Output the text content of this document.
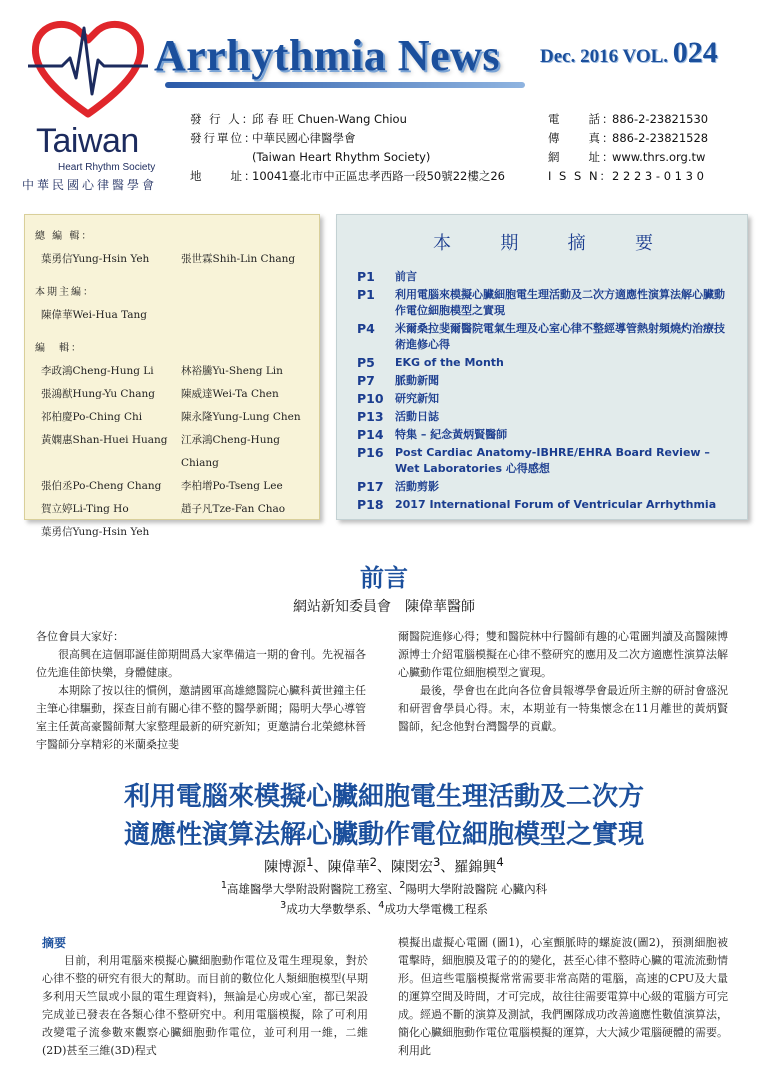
Taiwan
Heart Rhythm Society
中華民國心律醫學會
Arrhythmia News Dec. 2016 VOL. 024
發 行 人：
邱 春 旺 Chuen-Wang Chiou
發行單位：
中華民國心律醫學會
(Taiwan Heart Rhythm Society)
地　　址：
10041臺北市中正區忠孝西路一段50號22樓之26
電　　話：
886-2-23821530
傳　　真：
886-2-23821528
網　　址：
www.thrs.org.tw
I S S N：
2 2 2 3 - 0 1 3 0
總 編 輯：
葉勇信Yung-Hsin Yeh	張世霖Shih-Lin Chang
本期主編：
陳偉華Wei-Hua Tang
編　輯：
李政鴻Cheng-Hung Li	林裕騰Yu-Sheng Lin
張鴻猷Hung-Yu Chang	陳威達Wei-Ta Chen
祁柏慶Po-Ching Chi	陳永隆Yung-Lung Chen
黃嫻惠Shan-Huei Huang	江承鴻Cheng-Hung Chiang
張伯丞Po-Cheng Chang	李柏增Po-Tseng Lee
賀立婷Li-Ting Ho	趙子凡Tze-Fan Chao
葉勇信Yung-Hsin Yeh
本	期	摘	要
P1	前言
P1	利用電腦來模擬心臟細胞電生理活動及二次方適應性演算法解心臟動作電位細胞模型之實現
P4	米爾桑拉斐爾醫院電氣生理及心室心律不整經導管熱射頻燒灼治療技術進修心得
P5	EKG of the Month
P7	脈動新聞
P10	研究新知
P13	活動日誌
P14	特集 – 紀念黃炳賢醫師
P16	Post Cardiac Anatomy-IBHRE/EHRA Board Review – Wet Laboratories 心得感想
P17	活動剪影
P18	2017 International Forum of Ventricular Arrhythmia
前言
網站新知委員會　陳偉華醫師

各位會員大家好：

很高興在這個耶誕佳節期間爲大家準備這一期的會刊。先祝福各位先進佳節快樂，身體健康。

本期除了按以往的慣例，邀請國軍高雄總醫院心臟科黃世鐘主任主筆心律驅動，探查目前有關心律不整的醫學新聞；陽明大學心導管室主任黃高豪醫師幫大家整理最新的研究新知；更邀請台北榮總林晉宇醫師分享精彩的米蘭桑拉斐

爾醫院進修心得；雙和醫院林中行醫師有趣的心電圖判讀及高醫陳博源博士介紹電腦模擬在心律不整研究的應用及二次方適應性演算法解心臟動作電位細胞模型之實現。

最後，學會也在此向各位會員報導學會最近所主辦的研討會盛況和研習會學員心得。末，本期並有一特集懷念在11月離世的黃炳賢醫師，紀念他對台灣醫學的貢獻。

利用電腦來模擬心臟細胞電生理活動及二次方
適應性演算法解心臟動作電位細胞模型之實現
陳博源$^1$、陳偉華$^2$、陳閔宏$^3$、羅錦興$^4$
$^1$高雄醫學大學附設附醫院工務室、$^2$陽明大學附設醫院 心臟內科
$^3$成功大學數學系、$^4$成功大學電機工程系
摘要

目前，利用電腦來模擬心臟細胞動作電位及電生理現象，對於心律不整的研究有很大的幫助。而目前的數位化人類細胞模型(早期多利用天竺鼠或小鼠的電生理資料)，無論是心房或心室，都已架設完成並已發表在各類心律不整研究中。利用電腦模擬，除了可利用改變電子流參數來觀察心臟細胞動作電位，並可利用一維，二維(2D)甚至三維(3D)程式

模擬出虛擬心電圖 (圖1)，心室顫脈時的螺旋波(圖2)，預測細胞被電擊時，細胞膜及電子的的變化，甚至心律不整時心臟的電流流動情形。但這些電腦模擬常常需要非常高階的電腦，高速的CPU及大量的運算空間及時間，才可完成，故往往需要電算中心級的電腦方可完成。經過不斷的演算及測試，我們團隊成功改善適應性數值演算法，簡化心臟細胞動作電位電腦模擬的運算，大大減少電腦硬體的需要。利用此
